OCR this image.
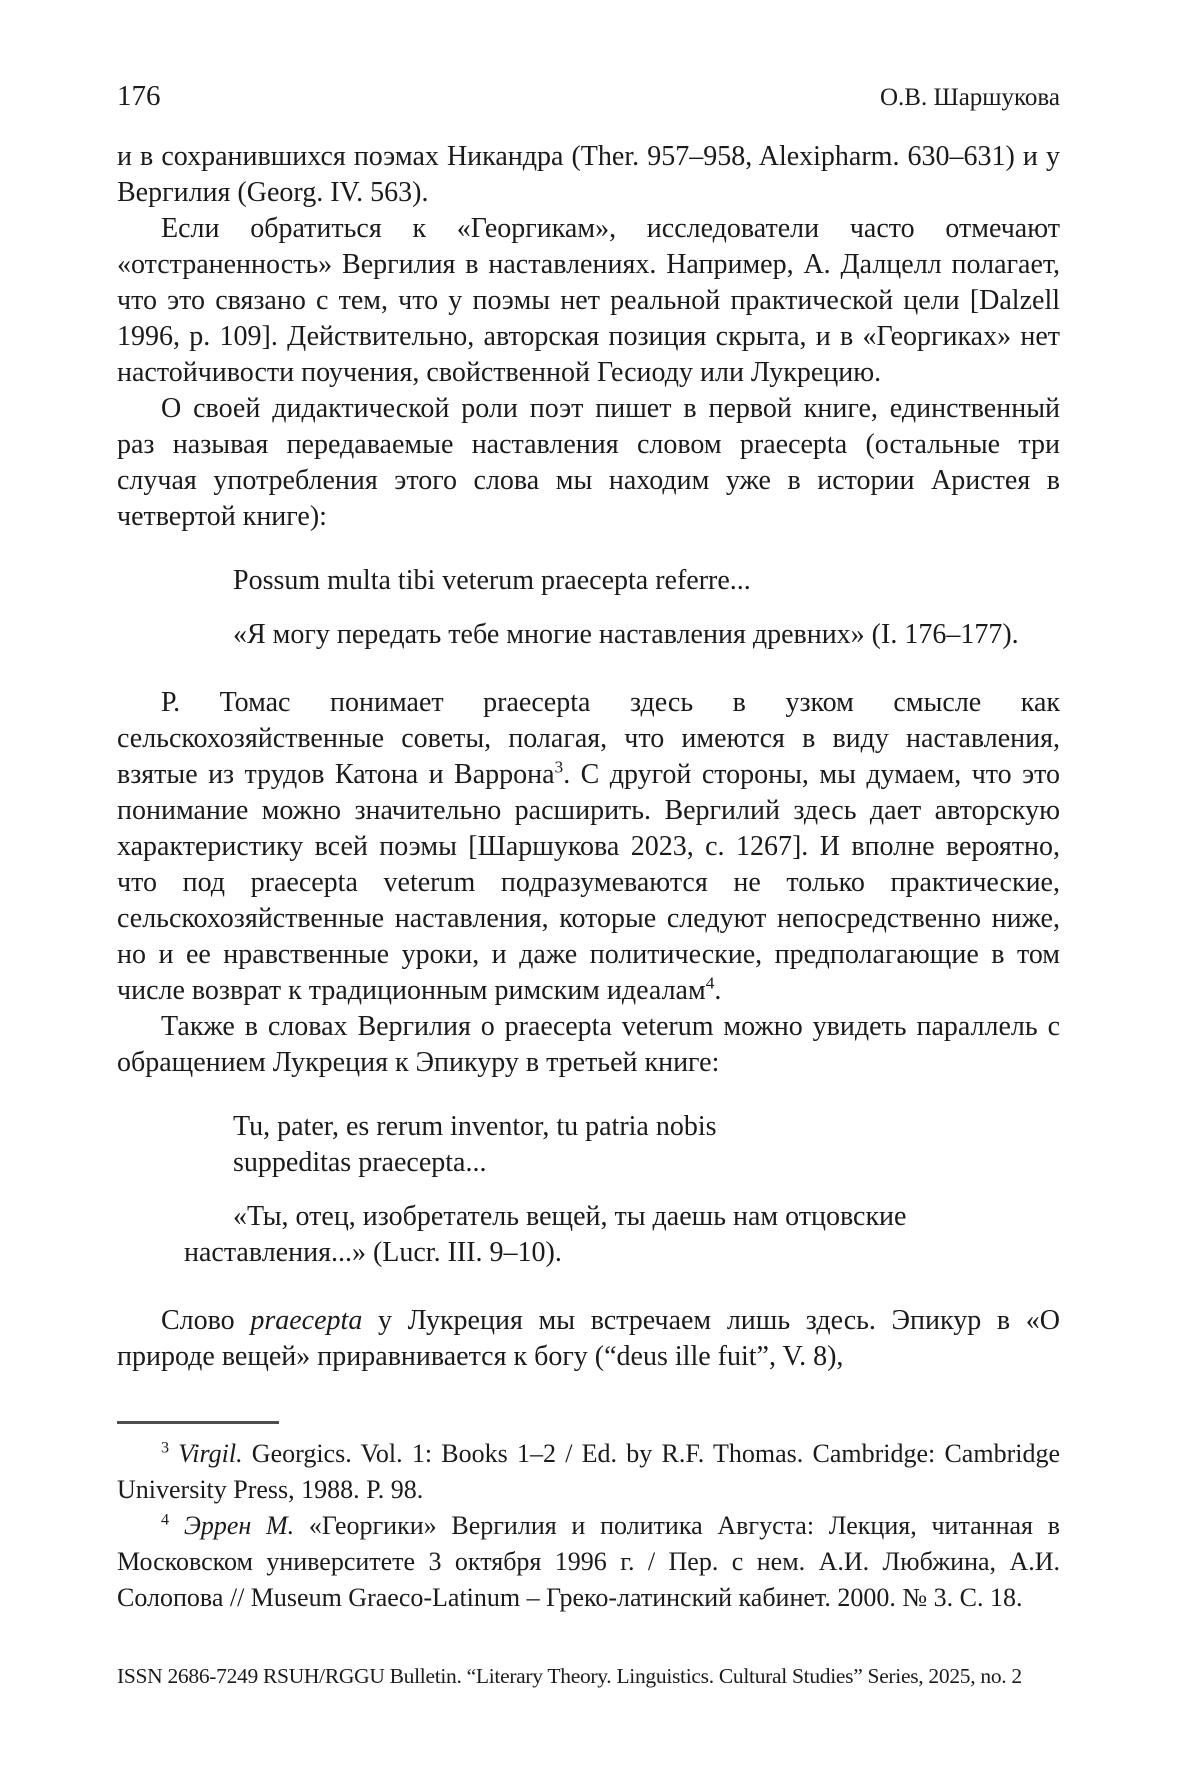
176	О.В. Шаршукова

и в сохранившихся поэмах Никандра (Ther. 957–958, Alexipharm. 630–631) и у Вергилия (Georg. IV. 563).

Если обратиться к «Георгикам», исследователи часто отмечают «отстраненность» Вергилия в наставлениях. Например, А. Далцелл полагает, что это связано с тем, что у поэмы нет реальной практической цели [Dalzell 1996, p. 109]. Действительно, авторская позиция скрыта, и в «Георгиках» нет настойчивости поучения, свойственной Гесиоду или Лукрецию.

О своей дидактической роли поэт пишет в первой книге, единственный раз называя передаваемые наставления словом praecepta (остальные три случая употребления этого слова мы находим уже в истории Аристея в четвертой книге):

Possum multa tibi veterum praecepta referre...
«Я могу передать тебе многие наставления древних» (I. 176–177).

Р. Томас понимает praecepta здесь в узком смысле как сельскохозяйственные советы, полагая, что имеются в виду наставления, взятые из трудов Катона и Варрона$^3$. С другой стороны, мы думаем, что это понимание можно значительно расширить. Вергилий здесь дает авторскую характеристику всей поэмы [Шаршукова 2023, с. 1267]. И вполне вероятно, что под praecepta veterum подразумеваются не только практические, сельскохозяйственные наставления, которые следуют непосредственно ниже, но и ее нравственные уроки, и даже политические, предполагающие в том числе возврат к традиционным римским идеалам$^4$.

Также в словах Вергилия о praecepta veterum можно увидеть параллель с обращением Лукреция к Эпикуру в третьей книге:

Tu, pater, es rerum inventor, tu patria nobis
suppeditas praecepta...
«Ты, отец, изобретатель вещей, ты даешь нам отцовские наставления...» (Lucr. III. 9–10).

Слово praecepta у Лукреция мы встречаем лишь здесь. Эпикур в «О природе вещей» приравнивается к богу (“deus ille fuit”, V. 8),

$^3$ Virgil. Georgics. Vol. 1: Books 1–2 / Ed. by R.F. Thomas. Cambridge: Cambridge University Press, 1988. P. 98.

$^4$ Эррен М. «Георгики» Вергилия и политика Августа: Лекция, читанная в Московском университете 3 октября 1996 г. / Пер. с нем. А.И. Любжина, А.И. Солопова // Museum Graeco-Latinum – Греко-латинский кабинет. 2000. № 3. С. 18.

ISSN 2686-7249 RSUH/RGGU Bulletin. “Literary Theory. Linguistics. Cultural Studies” Series, 2025, no. 2
